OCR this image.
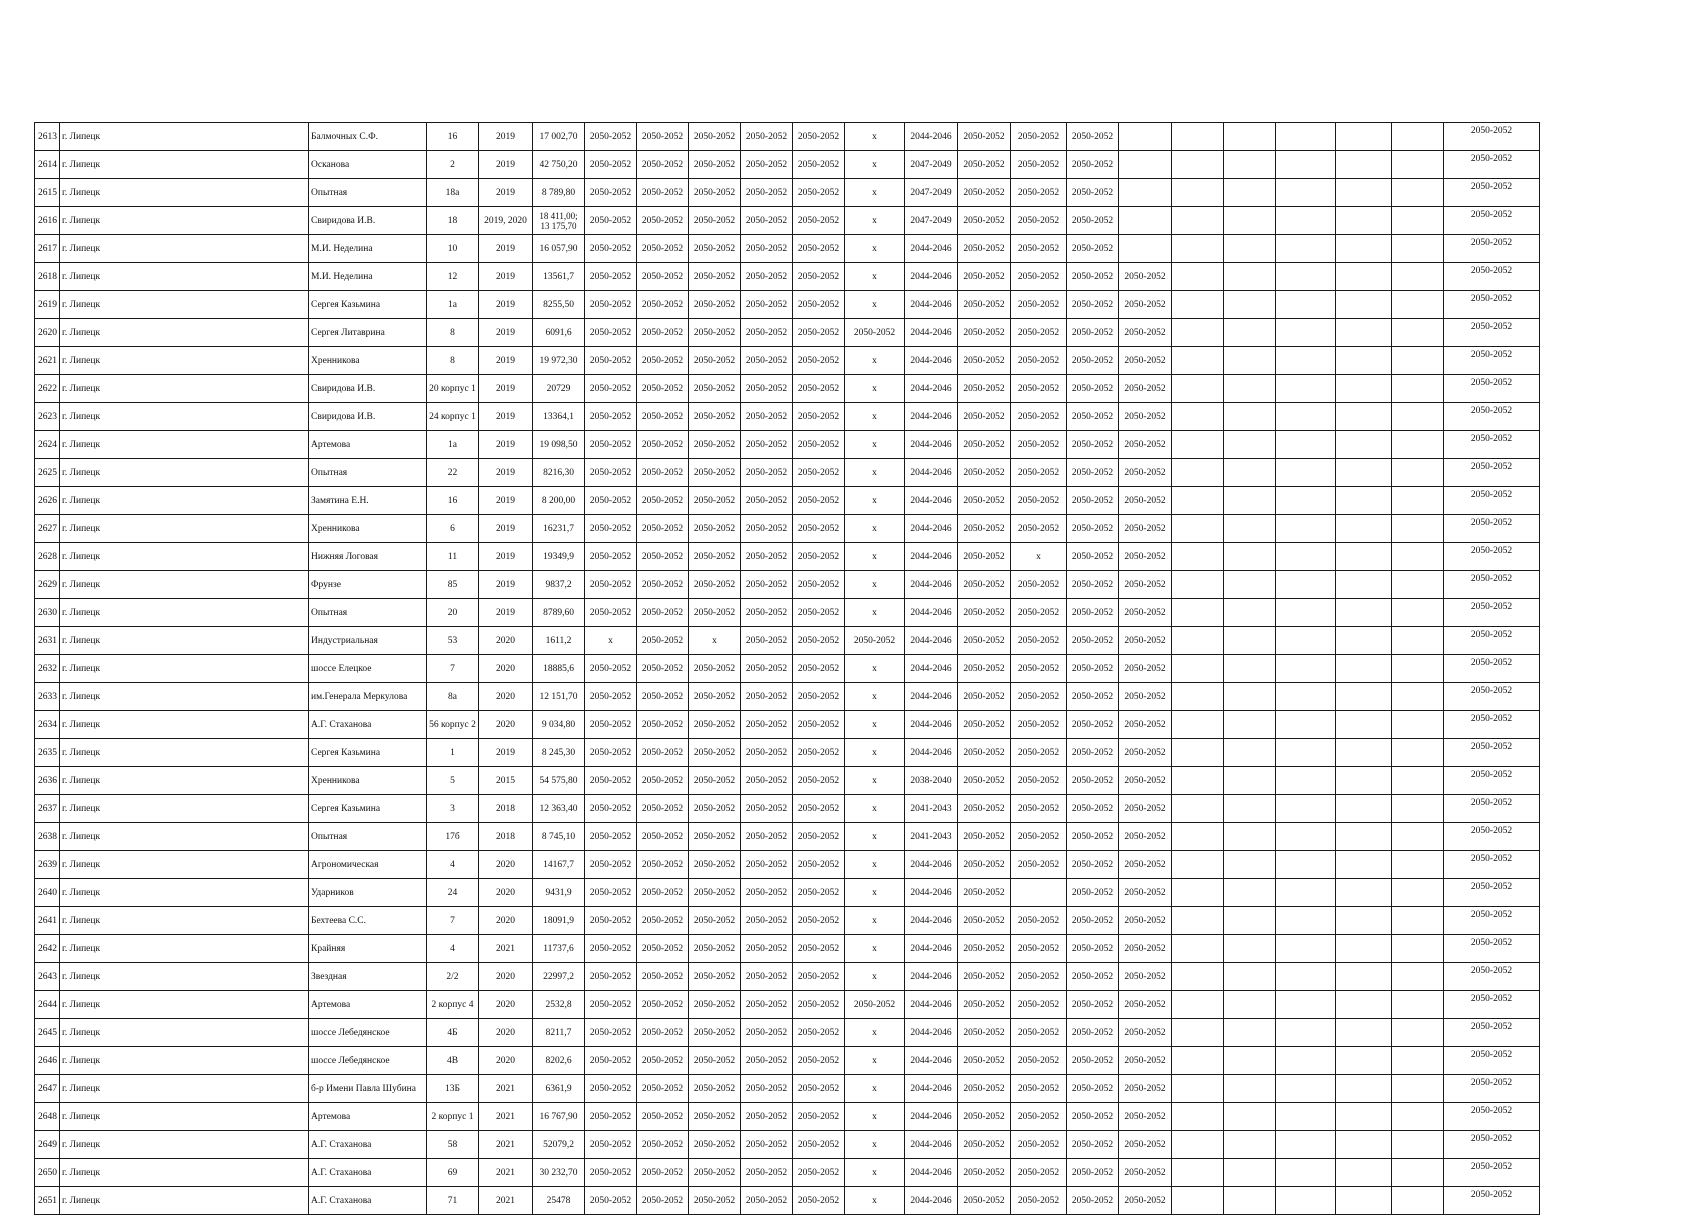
2613	г. Липецк	Балмочных С.Ф.	16	2019	17 002,70	2050-2052	2050-2052	2050-2052	2050-2052	2050-2052	x	2044-2046	2050-2052	2050-2052	2050-2052							2050-2052
2614	г. Липецк	Осканова	2	2019	42 750,20	2050-2052	2050-2052	2050-2052	2050-2052	2050-2052	x	2047-2049	2050-2052	2050-2052	2050-2052							2050-2052
2615	г. Липецк	Опытная	18а	2019	8 789,80	2050-2052	2050-2052	2050-2052	2050-2052	2050-2052	x	2047-2049	2050-2052	2050-2052	2050-2052							2050-2052
2616	г. Липецк	Свиридова И.В.	18	2019, 2020	18 411,00; 13 175,70	2050-2052	2050-2052	2050-2052	2050-2052	2050-2052	x	2047-2049	2050-2052	2050-2052	2050-2052							2050-2052
2617	г. Липецк	М.И. Неделина	10	2019	16 057,90	2050-2052	2050-2052	2050-2052	2050-2052	2050-2052	x	2044-2046	2050-2052	2050-2052	2050-2052							2050-2052
2618	г. Липецк	М.И. Неделина	12	2019	13561,7	2050-2052	2050-2052	2050-2052	2050-2052	2050-2052	x	2044-2046	2050-2052	2050-2052	2050-2052	2050-2052						2050-2052
2619	г. Липецк	Сергея Казьмина	1а	2019	8255,50	2050-2052	2050-2052	2050-2052	2050-2052	2050-2052	x	2044-2046	2050-2052	2050-2052	2050-2052	2050-2052						2050-2052
2620	г. Липецк	Сергея Литаврина	8	2019	6091,6	2050-2052	2050-2052	2050-2052	2050-2052	2050-2052	2050-2052	2044-2046	2050-2052	2050-2052	2050-2052	2050-2052						2050-2052
2621	г. Липецк	Хренникова	8	2019	19 972,30	2050-2052	2050-2052	2050-2052	2050-2052	2050-2052	x	2044-2046	2050-2052	2050-2052	2050-2052	2050-2052						2050-2052
2622	г. Липецк	Свиридова И.В.	20 корпус 1	2019	20729	2050-2052	2050-2052	2050-2052	2050-2052	2050-2052	x	2044-2046	2050-2052	2050-2052	2050-2052	2050-2052						2050-2052
2623	г. Липецк	Свиридова И.В.	24 корпус 1	2019	13364,1	2050-2052	2050-2052	2050-2052	2050-2052	2050-2052	x	2044-2046	2050-2052	2050-2052	2050-2052	2050-2052						2050-2052
2624	г. Липецк	Артемова	1а	2019	19 098,50	2050-2052	2050-2052	2050-2052	2050-2052	2050-2052	x	2044-2046	2050-2052	2050-2052	2050-2052	2050-2052						2050-2052
2625	г. Липецк	Опытная	22	2019	8216,30	2050-2052	2050-2052	2050-2052	2050-2052	2050-2052	x	2044-2046	2050-2052	2050-2052	2050-2052	2050-2052						2050-2052
2626	г. Липецк	Замятина Е.Н.	16	2019	8 200,00	2050-2052	2050-2052	2050-2052	2050-2052	2050-2052	x	2044-2046	2050-2052	2050-2052	2050-2052	2050-2052						2050-2052
2627	г. Липецк	Хренникова	6	2019	16231,7	2050-2052	2050-2052	2050-2052	2050-2052	2050-2052	x	2044-2046	2050-2052	2050-2052	2050-2052	2050-2052						2050-2052
2628	г. Липецк	Нижняя Логовая	11	2019	19349,9	2050-2052	2050-2052	2050-2052	2050-2052	2050-2052	x	2044-2046	2050-2052	x	2050-2052	2050-2052						2050-2052
2629	г. Липецк	Фрунзе	85	2019	9837,2	2050-2052	2050-2052	2050-2052	2050-2052	2050-2052	x	2044-2046	2050-2052	2050-2052	2050-2052	2050-2052						2050-2052
2630	г. Липецк	Опытная	20	2019	8789,60	2050-2052	2050-2052	2050-2052	2050-2052	2050-2052	x	2044-2046	2050-2052	2050-2052	2050-2052	2050-2052						2050-2052
2631	г. Липецк	Индустриальная	53	2020	1611,2	x	2050-2052	x	2050-2052	2050-2052	2050-2052	2044-2046	2050-2052	2050-2052	2050-2052	2050-2052						2050-2052
2632	г. Липецк	шоссе Елецкое	7	2020	18885,6	2050-2052	2050-2052	2050-2052	2050-2052	2050-2052	x	2044-2046	2050-2052	2050-2052	2050-2052	2050-2052						2050-2052
2633	г. Липецк	им.Генерала Меркулова	8а	2020	12 151,70	2050-2052	2050-2052	2050-2052	2050-2052	2050-2052	x	2044-2046	2050-2052	2050-2052	2050-2052	2050-2052						2050-2052
2634	г. Липецк	А.Г. Стаханова	56 корпус 2	2020	9 034,80	2050-2052	2050-2052	2050-2052	2050-2052	2050-2052	x	2044-2046	2050-2052	2050-2052	2050-2052	2050-2052						2050-2052
2635	г. Липецк	Сергея Казьмина	1	2019	8 245,30	2050-2052	2050-2052	2050-2052	2050-2052	2050-2052	x	2044-2046	2050-2052	2050-2052	2050-2052	2050-2052						2050-2052
2636	г. Липецк	Хренникова	5	2015	54 575,80	2050-2052	2050-2052	2050-2052	2050-2052	2050-2052	x	2038-2040	2050-2052	2050-2052	2050-2052	2050-2052						2050-2052
2637	г. Липецк	Сергея Казьмина	3	2018	12 363,40	2050-2052	2050-2052	2050-2052	2050-2052	2050-2052	x	2041-2043	2050-2052	2050-2052	2050-2052	2050-2052						2050-2052
2638	г. Липецк	Опытная	17б	2018	8 745,10	2050-2052	2050-2052	2050-2052	2050-2052	2050-2052	x	2041-2043	2050-2052	2050-2052	2050-2052	2050-2052						2050-2052
2639	г. Липецк	Агрономическая	4	2020	14167,7	2050-2052	2050-2052	2050-2052	2050-2052	2050-2052	x	2044-2046	2050-2052	2050-2052	2050-2052	2050-2052						2050-2052
2640	г. Липецк	Ударников	24	2020	9431,9	2050-2052	2050-2052	2050-2052	2050-2052	2050-2052	x	2044-2046	2050-2052		2050-2052	2050-2052						2050-2052
2641	г. Липецк	Бехтеева С.С.	7	2020	18091,9	2050-2052	2050-2052	2050-2052	2050-2052	2050-2052	x	2044-2046	2050-2052	2050-2052	2050-2052	2050-2052						2050-2052
2642	г. Липецк	Крайняя	4	2021	11737,6	2050-2052	2050-2052	2050-2052	2050-2052	2050-2052	x	2044-2046	2050-2052	2050-2052	2050-2052	2050-2052						2050-2052
2643	г. Липецк	Звездная	2/2	2020	22997,2	2050-2052	2050-2052	2050-2052	2050-2052	2050-2052	x	2044-2046	2050-2052	2050-2052	2050-2052	2050-2052						2050-2052
2644	г. Липецк	Артемова	2 корпус 4	2020	2532,8	2050-2052	2050-2052	2050-2052	2050-2052	2050-2052	2050-2052	2044-2046	2050-2052	2050-2052	2050-2052	2050-2052						2050-2052
2645	г. Липецк	шоссе Лебедянское	4Б	2020	8211,7	2050-2052	2050-2052	2050-2052	2050-2052	2050-2052	x	2044-2046	2050-2052	2050-2052	2050-2052	2050-2052						2050-2052
2646	г. Липецк	шоссе Лебедянское	4В	2020	8202,6	2050-2052	2050-2052	2050-2052	2050-2052	2050-2052	x	2044-2046	2050-2052	2050-2052	2050-2052	2050-2052						2050-2052
2647	г. Липецк	б-р Имени Павла Шубина	13Б	2021	6361,9	2050-2052	2050-2052	2050-2052	2050-2052	2050-2052	x	2044-2046	2050-2052	2050-2052	2050-2052	2050-2052						2050-2052
2648	г. Липецк	Артемова	2 корпус 1	2021	16 767,90	2050-2052	2050-2052	2050-2052	2050-2052	2050-2052	x	2044-2046	2050-2052	2050-2052	2050-2052	2050-2052						2050-2052
2649	г. Липецк	А.Г. Стаханова	58	2021	52079,2	2050-2052	2050-2052	2050-2052	2050-2052	2050-2052	x	2044-2046	2050-2052	2050-2052	2050-2052	2050-2052						2050-2052
2650	г. Липецк	А.Г. Стаханова	69	2021	30 232,70	2050-2052	2050-2052	2050-2052	2050-2052	2050-2052	x	2044-2046	2050-2052	2050-2052	2050-2052	2050-2052						2050-2052
2651	г. Липецк	А.Г. Стаханова	71	2021	25478	2050-2052	2050-2052	2050-2052	2050-2052	2050-2052	x	2044-2046	2050-2052	2050-2052	2050-2052	2050-2052						2050-2052
